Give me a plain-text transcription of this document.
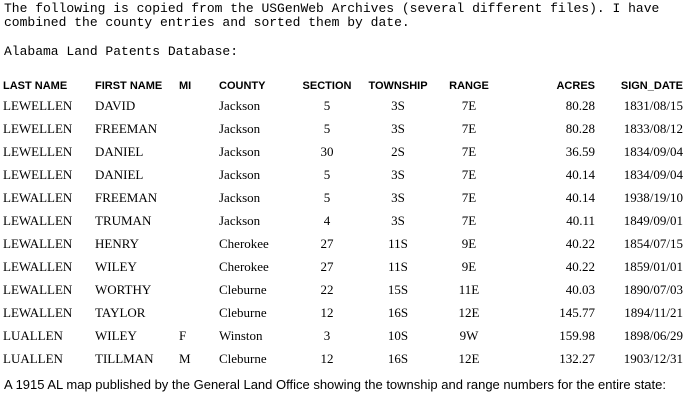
The following is copied from the USGenWeb Archives (several different files). I have
combined the county entries and sorted them by date.
Alabama Land Patents Database:
LAST NAME	FIRST NAME	MI	COUNTY	SECTION	TOWNSHIP	RANGE	ACRES	SIGN_DATE
LEWELLEN	DAVID		Jackson	5	3S	7E	80.28	1831/08/15
LEWELLEN	FREEMAN		Jackson	5	3S	7E	80.28	1833/08/12
LEWELLEN	DANIEL		Jackson	30	2S	7E	36.59	1834/09/04
LEWELLEN	DANIEL		Jackson	5	3S	7E	40.14	1834/09/04
LEWALLEN	FREEMAN		Jackson	5	3S	7E	40.14	1938/19/10
LEWALLEN	TRUMAN		Jackson	4	3S	7E	40.11	1849/09/01
LEWALLEN	HENRY		Cherokee	27	11S	9E	40.22	1854/07/15
LEWALLEN	WILEY		Cherokee	27	11S	9E	40.22	1859/01/01
LEWALLEN	WORTHY		Cleburne	22	15S	11E	40.03	1890/07/03
LEWALLEN	TAYLOR		Cleburne	12	16S	12E	145.77	1894/11/21
LUALLEN	WILEY	F	Winston	3	10S	9W	159.98	1898/06/29
LUALLEN	TILLMAN	M	Cleburne	12	16S	12E	132.27	1903/12/31

A 1915 AL map published by the General Land Office showing the township and range numbers for the entire state:
